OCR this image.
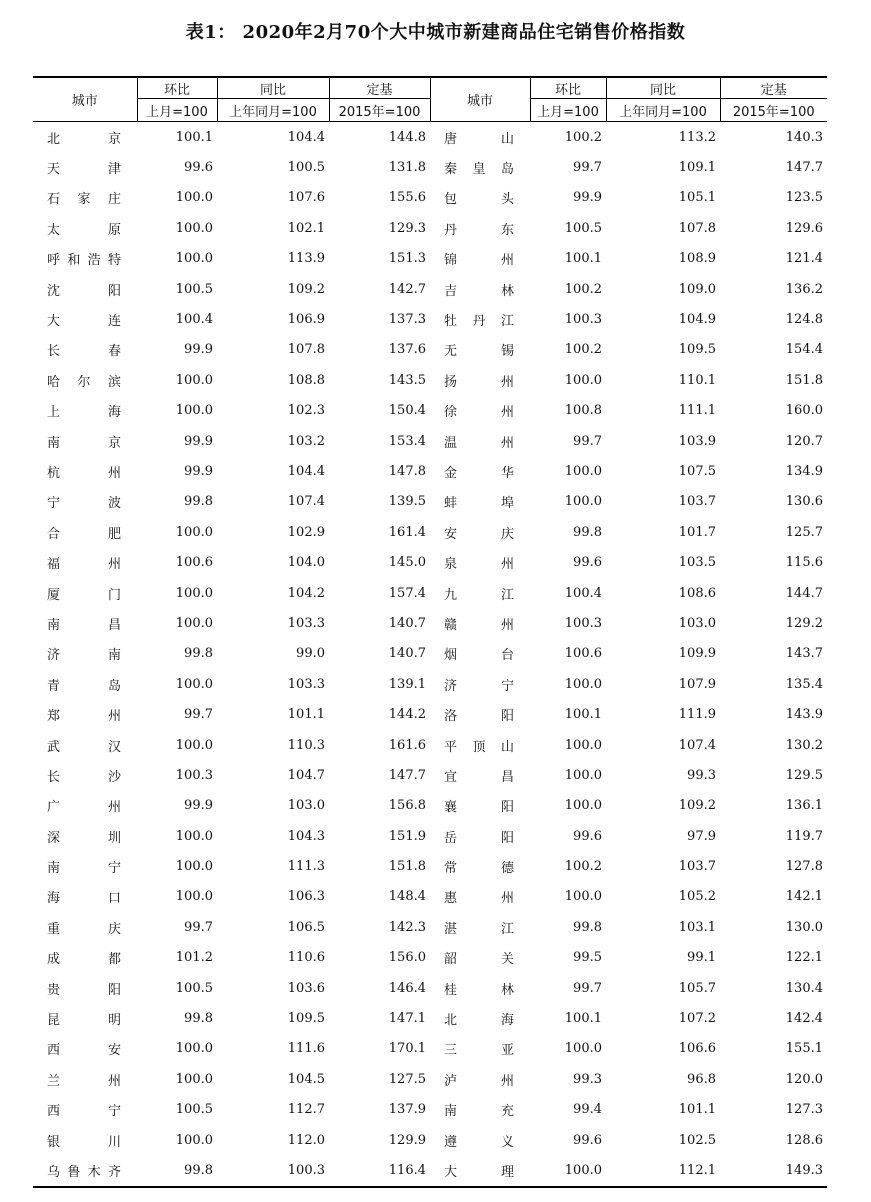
表1： 2020年2月70个大中城市新建商品住宅销售价格指数
城市	环比	同比	定基	城市	环比	同比	定基
	上月=100	上年同月=100	2015年=100		上月=100	上年同月=100	2015年=100
北京	100.1	104.4	144.8	唐山	100.2	113.2	140.3
天津	99.6	100.5	131.8	秦皇岛	99.7	109.1	147.7
石家庄	100.0	107.6	155.6	包头	99.9	105.1	123.5
太原	100.0	102.1	129.3	丹东	100.5	107.8	129.6
呼和浩特	100.0	113.9	151.3	锦州	100.1	108.9	121.4
沈阳	100.5	109.2	142.7	吉林	100.2	109.0	136.2
大连	100.4	106.9	137.3	牡丹江	100.3	104.9	124.8
长春	99.9	107.8	137.6	无锡	100.2	109.5	154.4
哈尔滨	100.0	108.8	143.5	扬州	100.0	110.1	151.8
上海	100.0	102.3	150.4	徐州	100.8	111.1	160.0
南京	99.9	103.2	153.4	温州	99.7	103.9	120.7
杭州	99.9	104.4	147.8	金华	100.0	107.5	134.9
宁波	99.8	107.4	139.5	蚌埠	100.0	103.7	130.6
合肥	100.0	102.9	161.4	安庆	99.8	101.7	125.7
福州	100.6	104.0	145.0	泉州	99.6	103.5	115.6
厦门	100.0	104.2	157.4	九江	100.4	108.6	144.7
南昌	100.0	103.3	140.7	赣州	100.3	103.0	129.2
济南	99.8	99.0	140.7	烟台	100.6	109.9	143.7
青岛	100.0	103.3	139.1	济宁	100.0	107.9	135.4
郑州	99.7	101.1	144.2	洛阳	100.1	111.9	143.9
武汉	100.0	110.3	161.6	平顶山	100.0	107.4	130.2
长沙	100.3	104.7	147.7	宜昌	100.0	99.3	129.5
广州	99.9	103.0	156.8	襄阳	100.0	109.2	136.1
深圳	100.0	104.3	151.9	岳阳	99.6	97.9	119.7
南宁	100.0	111.3	151.8	常德	100.2	103.7	127.8
海口	100.0	106.3	148.4	惠州	100.0	105.2	142.1
重庆	99.7	106.5	142.3	湛江	99.8	103.1	130.0
成都	101.2	110.6	156.0	韶关	99.5	99.1	122.1
贵阳	100.5	103.6	146.4	桂林	99.7	105.7	130.4
昆明	99.8	109.5	147.1	北海	100.1	107.2	142.4
西安	100.0	111.6	170.1	三亚	100.0	106.6	155.1
兰州	100.0	104.5	127.5	泸州	99.3	96.8	120.0
西宁	100.5	112.7	137.9	南充	99.4	101.1	127.3
银川	100.0	112.0	129.9	遵义	99.6	102.5	128.6
乌鲁木齐	99.8	100.3	116.4	大理	100.0	112.1	149.3
